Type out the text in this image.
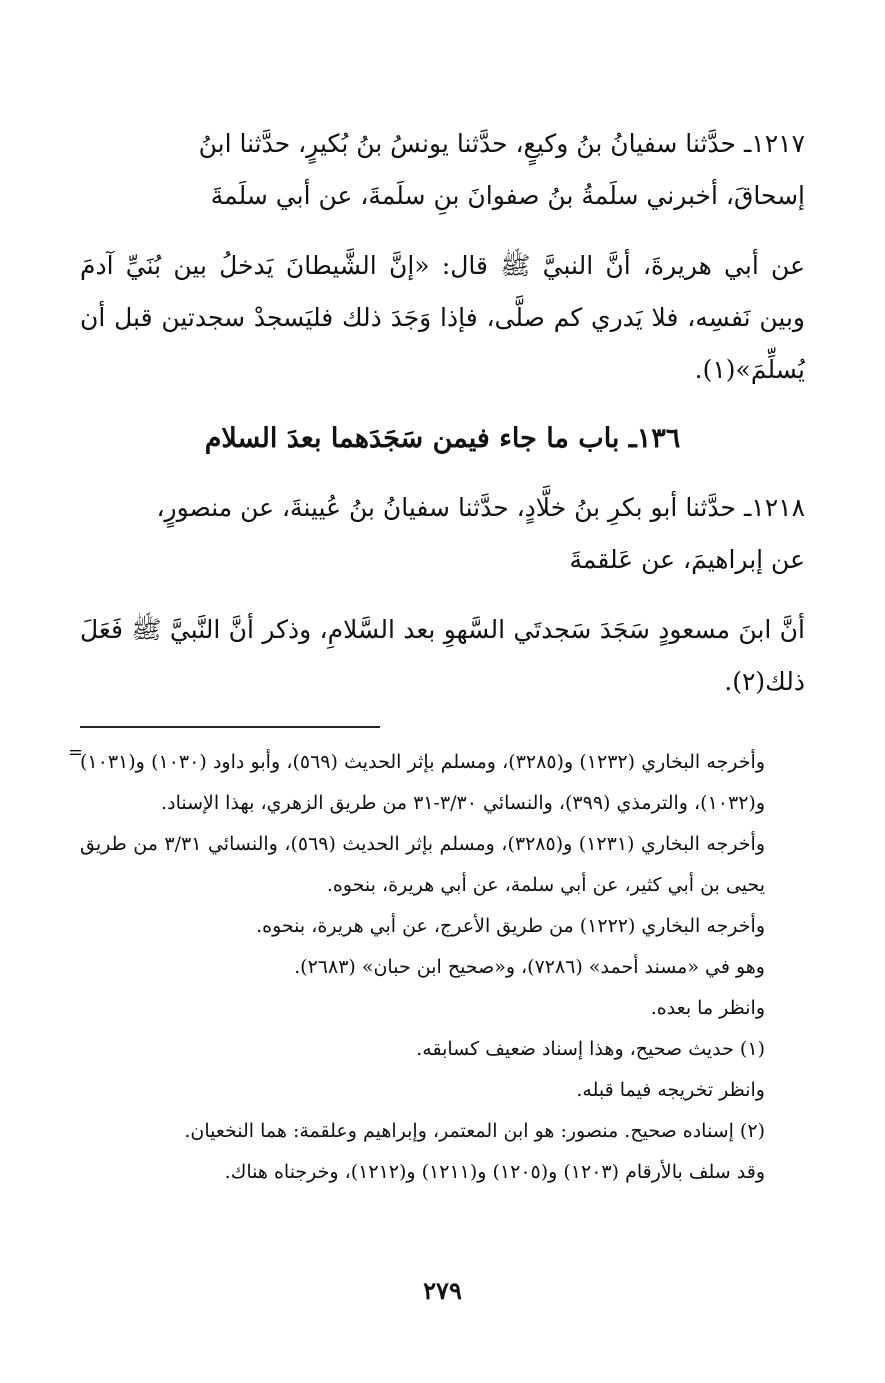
١٢١٧ـ حدَّثنا سفيانُ بنُ وكيعٍ، حدَّثنا يونسُ بنُ بُكيرٍ، حدَّثنا ابنُ

إسحاقَ، أخبرني سلَمةُ بنُ صفوانَ بنِ سلَمةَ، عن أبي سلَمةَ

عن أبي هريرةَ، أنَّ النبيَّ ﷺ قال: «إنَّ الشَّيطانَ يَدخلُ بين بُنَيِّ آدمَ وبين نَفسِه، فلا يَدري كم صلَّى، فإذا وَجَدَ ذلك فليَسجدْ سجدتين قبل أن يُسلِّمَ»(١).

١٣٦ـ باب ما جاء فيمن سَجَدَهما بعدَ السلام

١٢١٨ـ حدَّثنا أبو بكرِ بنُ خلَّادٍ، حدَّثنا سفيانُ بنُ عُيينةَ، عن منصورٍ،

عن إبراهيمَ، عن عَلقمةَ

أنَّ ابنَ مسعودٍ سَجَدَ سَجدتَي السَّهوِ بعد السَّلامِ، وذكر أنَّ النَّبيَّ ﷺ فَعَلَ ذلك(٢).

=

وأخرجه البخاري (١٢٣٢) و(٣٢٨٥)، ومسلم بإثر الحديث (٥٦٩)، وأبو داود (١٠٣٠) و(١٠٣١) و(١٠٣٢)، والترمذي (٣٩٩)، والنسائي ٣/٣٠-٣١ من طريق الزهري، بهذا الإسناد.

وأخرجه البخاري (١٢٣١) و(٣٢٨٥)، ومسلم بإثر الحديث (٥٦٩)، والنسائي ٣/٣١ من طريق يحيى بن أبي كثير، عن أبي سلمة، عن أبي هريرة، بنحوه.

وأخرجه البخاري (١٢٢٢) من طريق الأعرج، عن أبي هريرة، بنحوه.

وهو في «مسند أحمد» (٧٢٨٦)، و«صحيح ابن حبان» (٢٦٨٣).

وانظر ما بعده.

(١) حديث صحيح، وهذا إسناد ضعيف كسابقه.

وانظر تخريجه فيما قبله.

(٢) إسناده صحيح. منصور: هو ابن المعتمر، وإبراهيم وعلقمة: هما النخعيان.

وقد سلف بالأرقام (١٢٠٣) و(١٢٠٥) و(١٢١١) و(١٢١٢)، وخرجناه هناك.

٢٧٩
